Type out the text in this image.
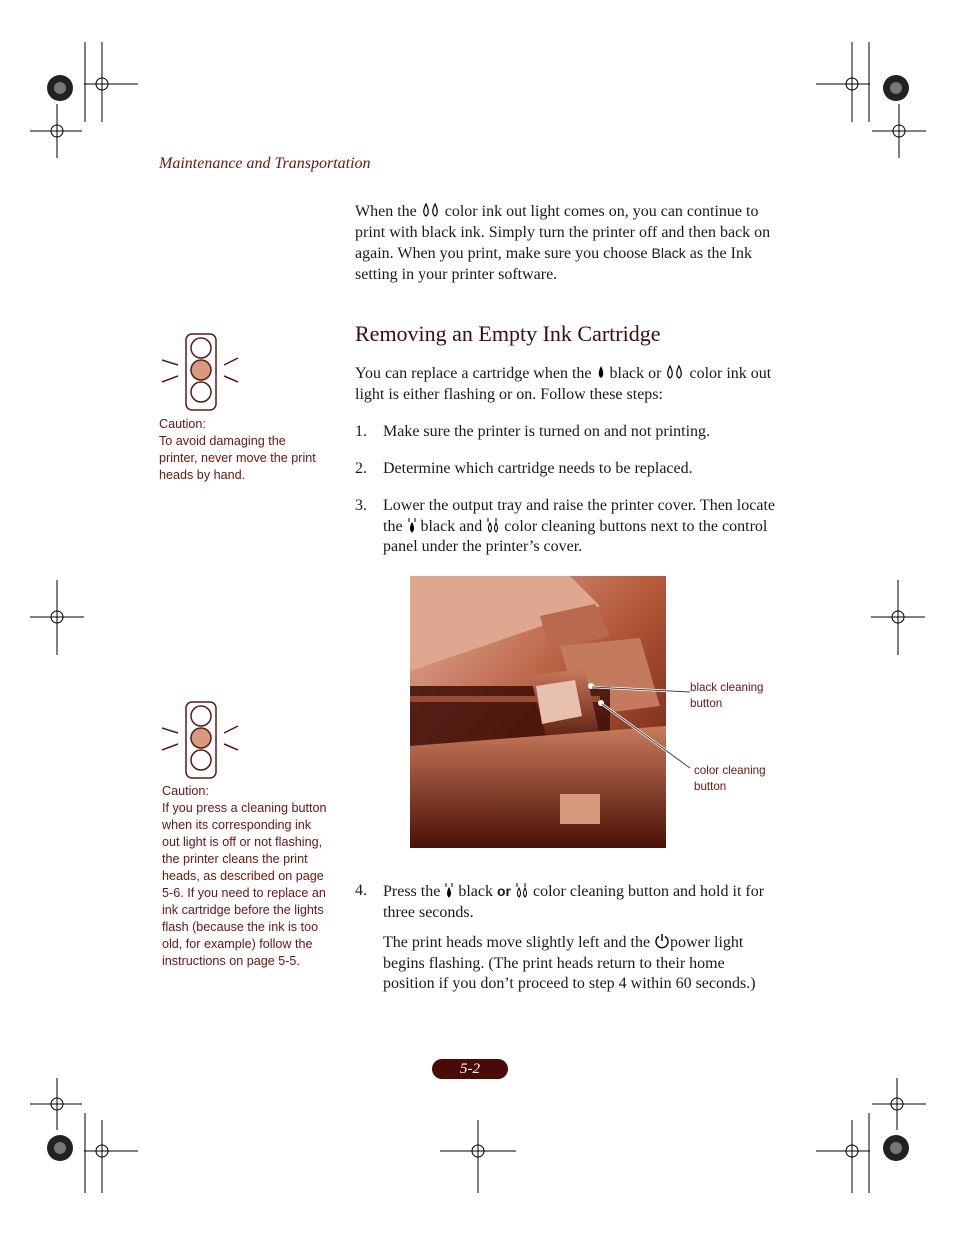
Maintenance and Transportation
When the color ink out light comes on, you can continue to print with black ink. Simply turn the printer off and then back on again. When you print, make sure you choose Black as the Ink setting in your printer software.
Caution:
To avoid damaging the printer, never move the print heads by hand.
Removing an Empty Ink Cartridge
You can replace a cartridge when the black or color ink out light is either flashing or on. Follow these steps:
1. Make sure the printer is turned on and not printing.
2. Determine which cartridge needs to be replaced.
3. Lower the output tray and raise the printer cover. Then locate the black and color cleaning buttons next to the control panel under the printer’s cover.
Caution:
If you press a cleaning button when its corresponding ink out light is off or not flashing, the printer cleans the print heads, as described on page 5-6. If you need to replace an ink cartridge before the lights flash (because the ink is too old, for example) follow the instructions on page 5-5.
black cleaning button
color cleaning button
4. Press the black or color cleaning button and hold it for three seconds.
The print heads move slightly left and the power light begins flashing. (The print heads return to their home position if you don’t proceed to step 4 within 60 seconds.)
5-2
